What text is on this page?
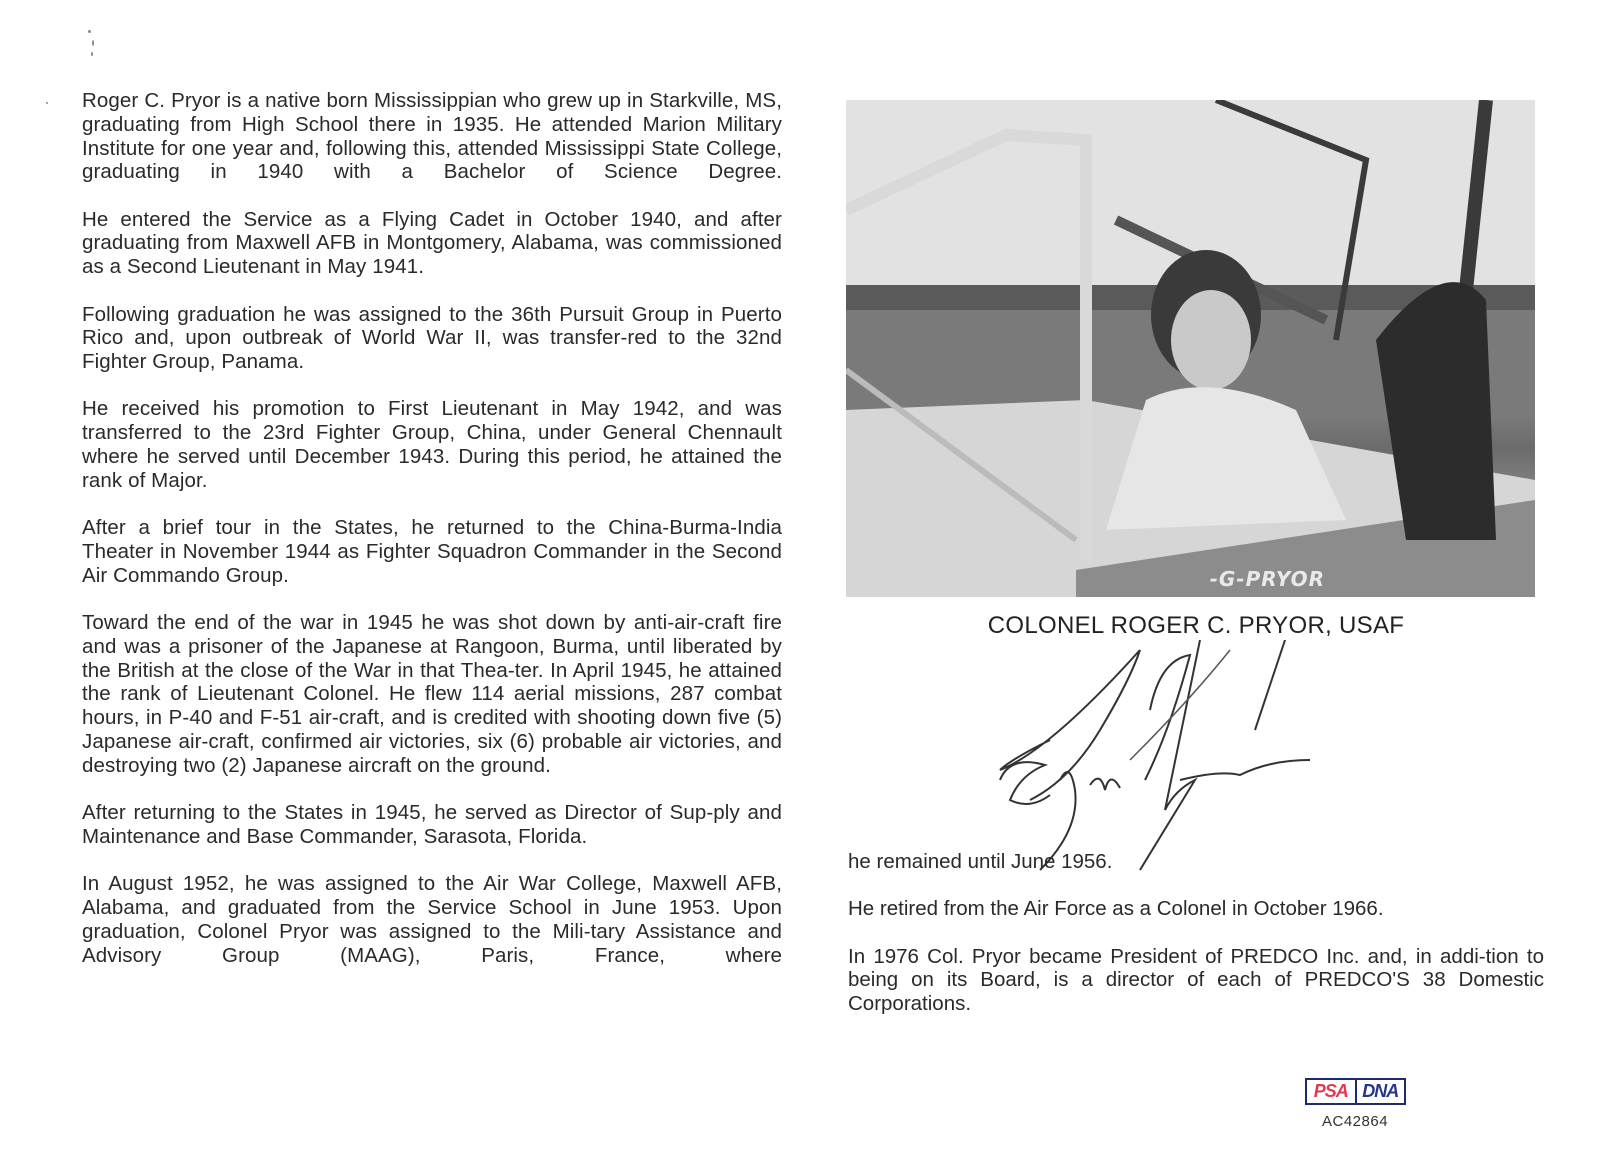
Roger C. Pryor is a native born Mississippian who grew up in Starkville, MS, graduating from High School there in 1935. He attended Marion Military Institute for one year and, following this, attended Mississippi State College, graduating in 1940 with a Bachelor of Science Degree.

He entered the Service as a Flying Cadet in October 1940, and after graduating from Maxwell AFB in Montgomery, Alabama, was commissioned as a Second Lieutenant in May 1941.

Following graduation he was assigned to the 36th Pursuit Group in Puerto Rico and, upon outbreak of World War II, was transfer-red to the 32nd Fighter Group, Panama.

He received his promotion to First Lieutenant in May 1942, and was transferred to the 23rd Fighter Group, China, under General Chennault where he served until December 1943. During this period, he attained the rank of Major.

After a brief tour in the States, he returned to the China-Burma-India Theater in November 1944 as Fighter Squadron Commander in the Second Air Commando Group.

Toward the end of the war in 1945 he was shot down by anti-air-craft fire and was a prisoner of the Japanese at Rangoon, Burma, until liberated by the British at the close of the War in that Thea-ter. In April 1945, he attained the rank of Lieutenant Colonel. He flew 114 aerial missions, 287 combat hours, in P-40 and F-51 air-craft, and is credited with shooting down five (5) Japanese air-craft, confirmed air victories, six (6) probable air victories, and destroying two (2) Japanese aircraft on the ground.

After returning to the States in 1945, he served as Director of Sup-ply and Maintenance and Base Commander, Sarasota, Florida.

In August 1952, he was assigned to the Air War College, Maxwell AFB, Alabama, and graduated from the Service School in June 1953. Upon graduation, Colonel Pryor was assigned to the Mili-tary Assistance and Advisory Group (MAAG), Paris, France, where

-G-PRYOR
COLONEL ROGER C. PRYOR, USAF

he remained until June 1956.

He retired from the Air Force as a Colonel in October 1966.

In 1976 Col. Pryor became President of PREDCO Inc. and, in addi-tion to being on its Board, is a director of each of PREDCO'S 38 Domestic Corporations.

PSA DNA
AC42864
